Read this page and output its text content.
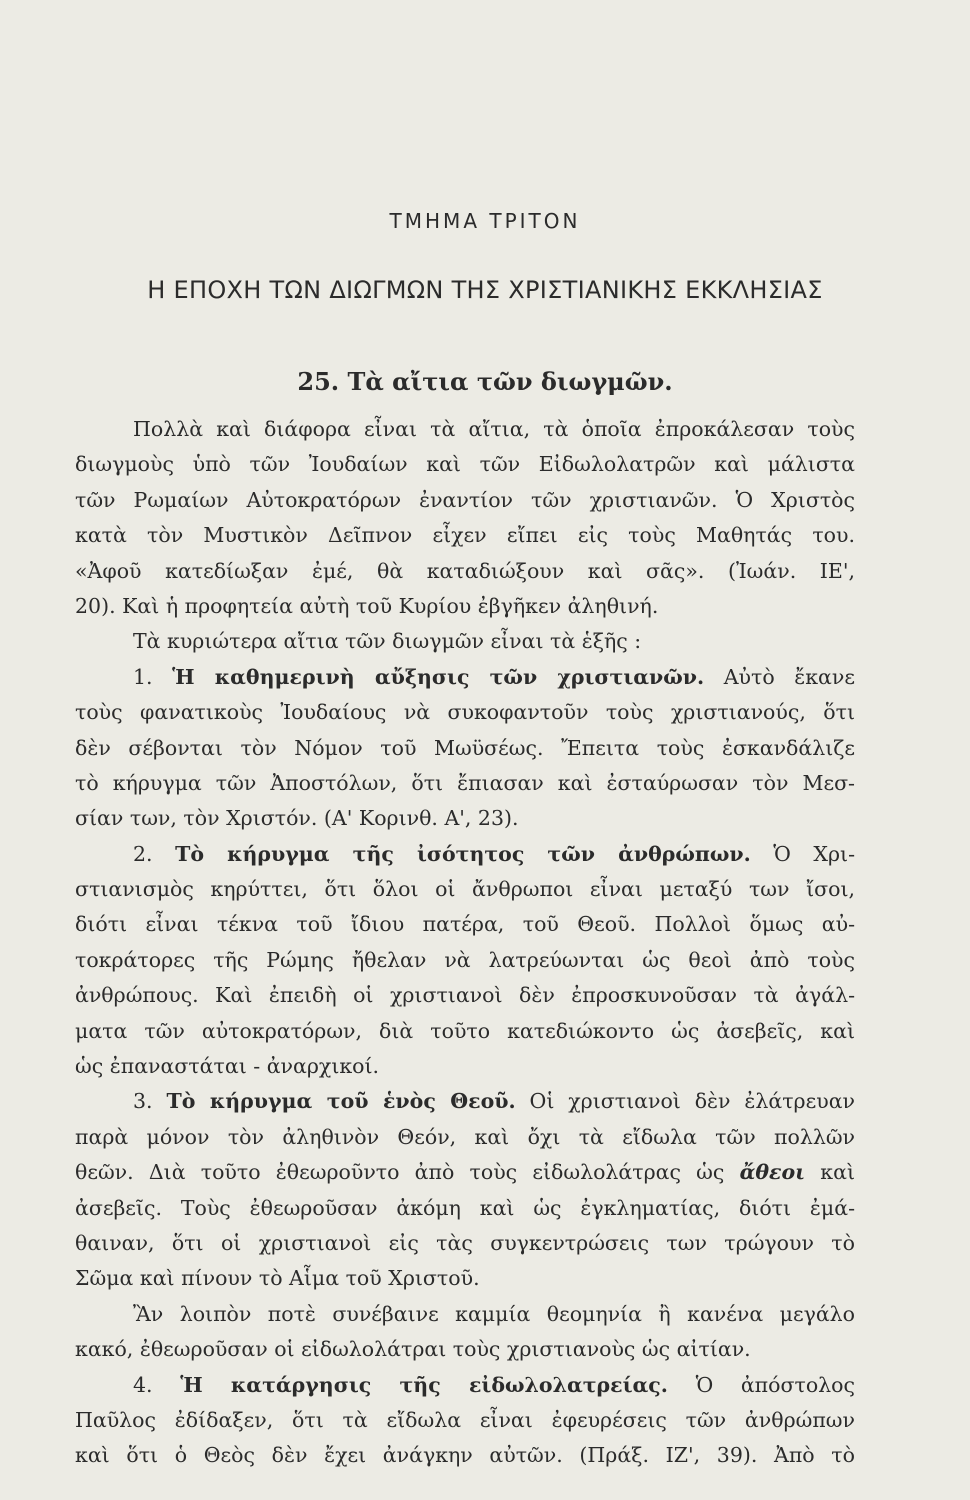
ΤΜΗΜΑ ΤΡΙΤΟΝ
Η ΕΠΟΧΗ ΤΩΝ ΔΙΩΓΜΩΝ ΤΗΣ ΧΡΙΣΤΙΑΝΙΚΗΣ ΕΚΚΛΗΣΙΑΣ
25. Τὰ αἴτια τῶν διωγμῶν.
Πολλὰ καὶ διάφορα εἶναι τὰ αἴτια, τὰ ὁποῖα ἐπροκάλεσαν τοὺς
διωγμοὺς ὑπὸ τῶν Ἰουδαίων καὶ τῶν Εἰδωλολατρῶν καὶ μάλιστα
τῶν Ρωμαίων Αὐτοκρατόρων ἐναντίον τῶν χριστιανῶν. Ὁ Χριστὸς
κατὰ τὸν Μυστικὸν Δεῖπνον εἶχεν εἴπει εἰς τοὺς Μαθητάς του.
«Ἀφοῦ κατεδίωξαν ἐμέ, θὰ καταδιώξουν καὶ σᾶς». (Ἰωάν. ΙΕ',
20). Καὶ ἡ προφητεία αὐτὴ τοῦ Κυρίου ἐβγῆκεν ἀληθινή.
Τὰ κυριώτερα αἴτια τῶν διωγμῶν εἶναι τὰ ἑξῆς :
1. Ἡ καθημερινὴ αὔξησις τῶν χριστιανῶν. Αὐτὸ ἔκανε
τοὺς φανατικοὺς Ἰουδαίους νὰ συκοφαντοῦν τοὺς χριστιανούς, ὅτι
δὲν σέβονται τὸν Νόμον τοῦ Μωϋσέως. Ἔπειτα τοὺς ἐσκανδάλιζε
τὸ κήρυγμα τῶν Ἀποστόλων, ὅτι ἔπιασαν καὶ ἐσταύρωσαν τὸν Μεσ-
σίαν των, τὸν Χριστόν. (Α' Κορινθ. Α', 23).
2. Τὸ κήρυγμα τῆς ἰσότητος τῶν ἀνθρώπων. Ὁ Χρι-
στιανισμὸς κηρύττει, ὅτι ὅλοι οἱ ἄνθρωποι εἶναι μεταξύ των ἴσοι,
διότι εἶναι τέκνα τοῦ ἴδιου πατέρα, τοῦ Θεοῦ. Πολλοὶ ὅμως αὐ-
τοκράτορες τῆς Ρώμης ἤθελαν νὰ λατρεύωνται ὡς θεοὶ ἀπὸ τοὺς
ἀνθρώπους. Καὶ ἐπειδὴ οἱ χριστιανοὶ δὲν ἐπροσκυνοῦσαν τὰ ἀγάλ-
ματα τῶν αὐτοκρατόρων, διὰ τοῦτο κατεδιώκοντο ὡς ἀσεβεῖς, καὶ
ὡς ἐπαναστάται - ἀναρχικοί.
3. Τὸ κήρυγμα τοῦ ἑνὸς Θεοῦ. Οἱ χριστιανοὶ δὲν ἐλάτρευαν
παρὰ μόνον τὸν ἀληθινὸν Θεόν, καὶ ὄχι τὰ εἴδωλα τῶν πολλῶν
θεῶν. Διὰ τοῦτο ἐθεωροῦντο ἀπὸ τοὺς εἰδωλολάτρας ὡς ἄθεοι καὶ
ἀσεβεῖς. Τοὺς ἐθεωροῦσαν ἀκόμη καὶ ὡς ἐγκληματίας, διότι ἐμά-
θαιναν, ὅτι οἱ χριστιανοὶ εἰς τὰς συγκεντρώσεις των τρώγουν τὸ
Σῶμα καὶ πίνουν τὸ Αἷμα τοῦ Χριστοῦ.
Ἂν λοιπὸν ποτὲ συνέβαινε καμμία θεομηνία ἢ κανένα μεγάλο
κακό, ἐθεωροῦσαν οἱ εἰδωλολάτραι τοὺς χριστιανοὺς ὡς αἰτίαν.
4. Ἡ κατάργησις τῆς εἰδωλολατρείας. Ὁ ἀπόστολος
Παῦλος ἐδίδαξεν, ὅτι τὰ εἴδωλα εἶναι ἐφευρέσεις τῶν ἀνθρώπων
καὶ ὅτι ὁ Θεὸς δὲν ἔχει ἀνάγκην αὐτῶν. (Πράξ. ΙΖ', 39). Ἀπὸ τὸ
